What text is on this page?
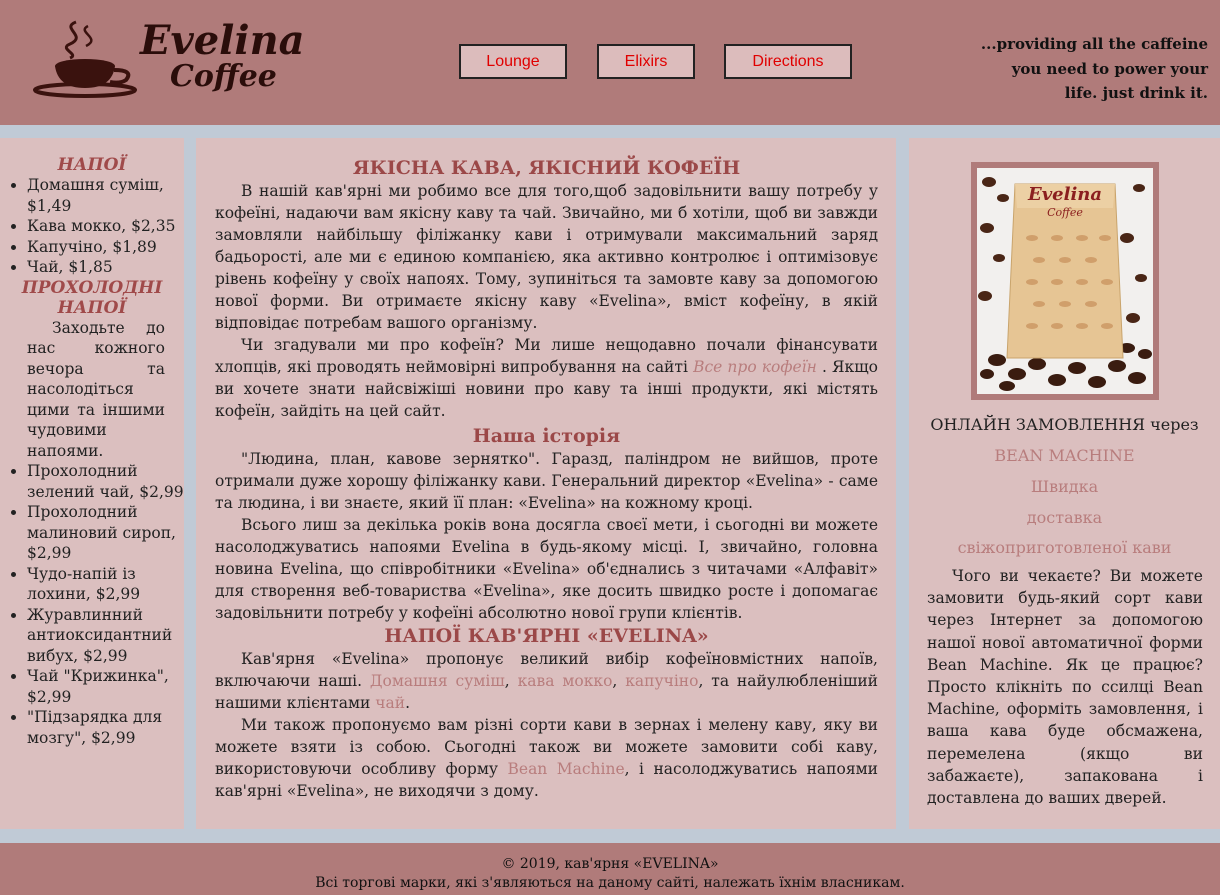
Evelina
Coffee	Lounge	Elixirs	Directions
...providing all the caffeine
you need to power your
life. just drink it.
НАПОЇ
• Домашня суміш, $1,49
• Кава мокко, $2,35
• Капучіно, $1,89
• Чай, $1,85
ПРОХОЛОДНІ НАПОЇ

Заходьте до нас кожного вечора та насолодіться цими та іншими чудовими напоями.

• Прохолодний зелений чай, $2,99
• Прохолодний малиновий сироп, $2,99
• Чудо-напій із лохини, $2,99
• Журавлинний антиоксидантний вибух, $2,99
• Чай "Крижинка", $2,99
• "Підзарядка для мозгу", $2,99
ЯКІСНА КАВА, ЯКІСНИЙ КОФЕЇН

В нашій кав'ярні ми робимо все для того,щоб задовільнити вашу потребу у кофеїні, надаючи вам якісну каву та чай. Звичайно, ми б хотіли, щоб ви завжди замовляли найбільшу філіжанку кави і отримували максимальний заряд бадьорості, але ми є единою компанією, яка активно контролює і оптимізовує рівень кофеїну у своїх напоях. Тому, зупиніться та замовте каву за допомогою нової форми. Ви отримаєте якісну каву «Evelina», вміст кофеїну, в якій відповідає потребам вашого організму.

Чи згадували ми про кофеїн? Ми лише нещодавно почали фінансувати хлопців, які проводять неймовірні випробування на сайті Все про кофеїн . Якщо ви хочете знати найсвіжіші новини про каву та інші продукти, які містять кофеїн, зайдіть на цей сайт.

Наша історія

"Людина, план, кавове зернятко". Гаразд, паліндром не вийшов, проте отримали дуже хорошу філіжанку кави. Генеральний директор «Evelina» - саме та людина, і ви знаєте, який її план: «Evelina» на кожному кроці.

Всього лиш за декілька років вона досягла своєї мети, і сьогодні ви можете насолоджуватись напоями Evelina в будь-якому місці. І, звичайно, головна новина Evelina, що співробітники «Evelina» об'єднались з читачами «Алфавіт» для створення веб-товариства «Evelina», яке досить швидко росте і допомагає задовільнити потребу у кофеїні абсолютно нової групи клієнтів.

НАПОЇ КАВ'ЯРНІ «EVELINA»

Кав'ярня «Evelina» пропонує великий вибір кофеїновмістних напоїв, включаючи наші. Домашня суміш, кава мокко, капучіно, та найулюбленіший нашими клієнтами чай.

Ми також пропонуємо вам різні сорти кави в зернах і мелену каву, яку ви можете взяти із собою. Сьогодні також ви можете замовити собі каву, використовуючи особливу форму Bean Machine, і насолоджуватись напоями кав'ярні «Evelina», не виходячи з дому.

Evelina
Coffee
ОНЛАЙН ЗАМОВЛЕННЯ через
BEAN MACHINE
Швидка
доставка
свіжоприготовленої кави

Чого ви чекаєте? Ви можете замовити будь-який сорт кави через Інтернет за допомогою нашої нової автоматичної форми Bean Machine. Як це працює? Просто клікніть по ссилці Bean Machine, оформіть замовлення, і ваша кава буде обсмажена, перемелена (якщо ви забажаєте), запакована і доставлена до ваших дверей.

© 2019, кав'ярня «EVELINA»
Всі торгові марки, які з'являються на даному сайті, належать їхнім власникам.
